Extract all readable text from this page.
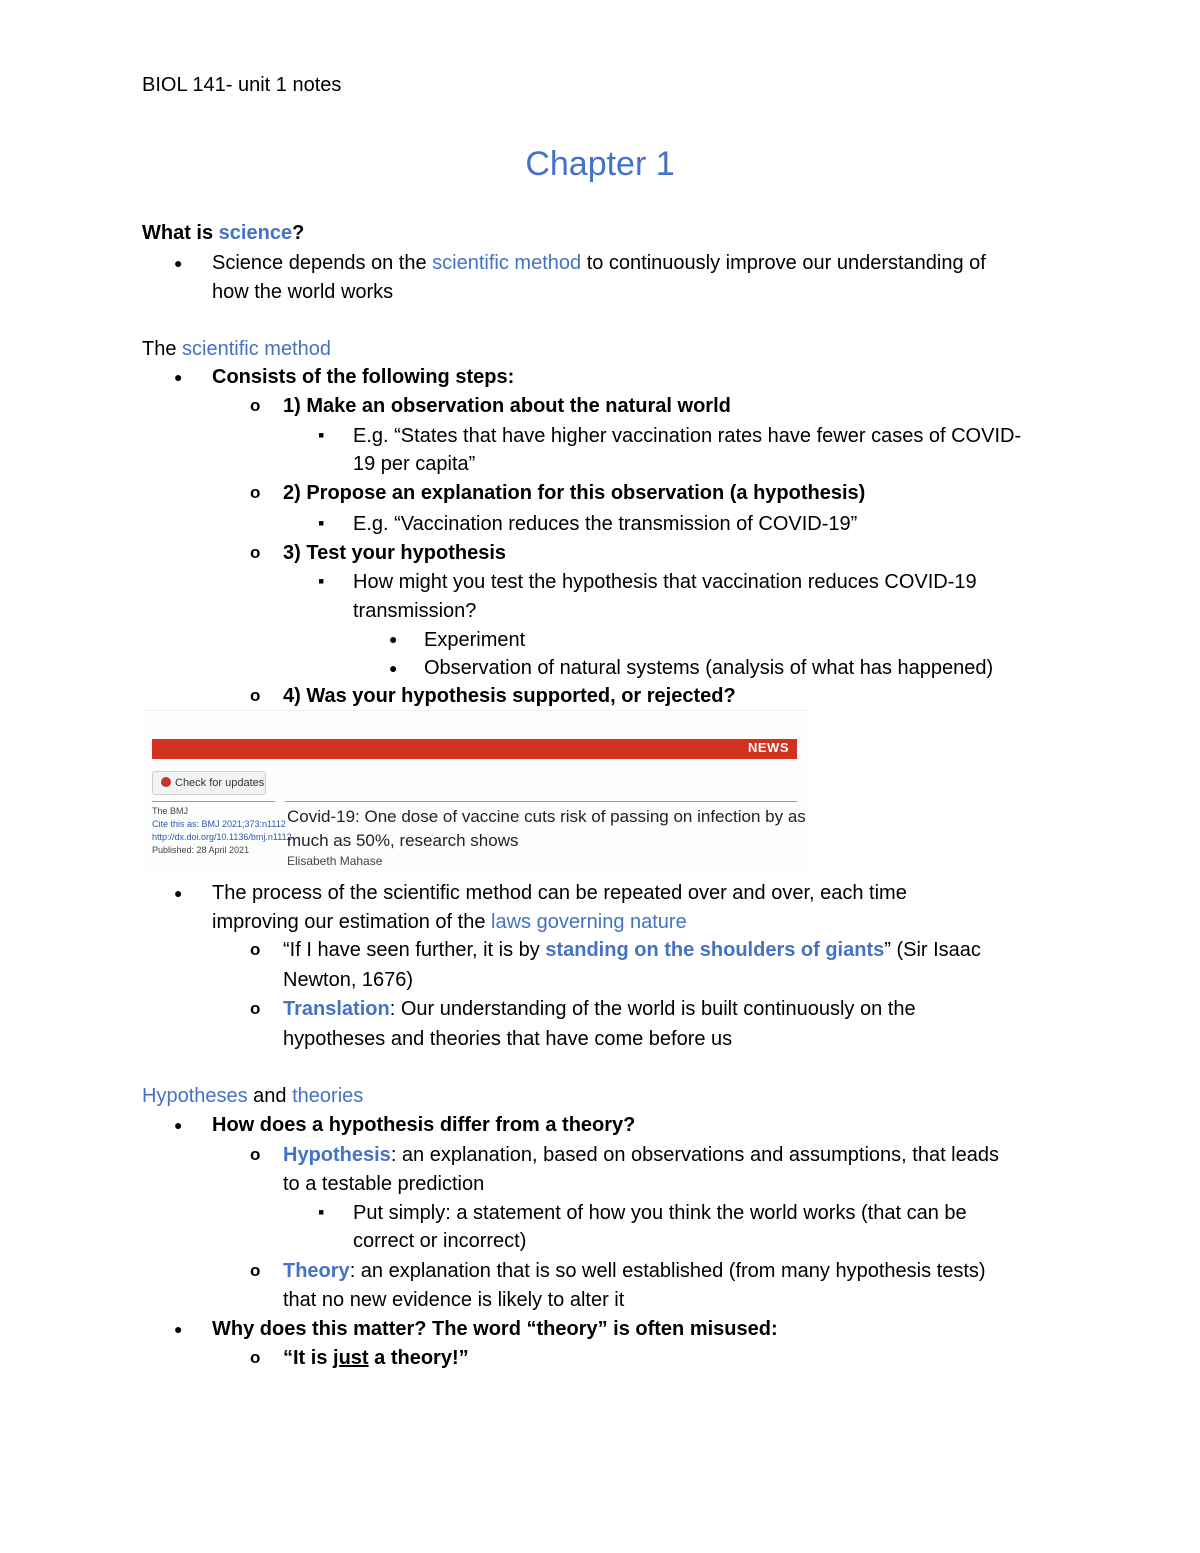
BIOL 141- unit 1 notes
Chapter 1
What is science?
●
Science depends on the scientific method to continuously improve our understanding of
how the world works
The scientific method
●
Consists of the following steps:
o
1) Make an observation about the natural world
▪
E.g. “States that have higher vaccination rates have fewer cases of COVID-
19 per capita”
o
2) Propose an explanation for this observation (a hypothesis)
▪
E.g. “Vaccination reduces the transmission of COVID-19”
o
3) Test your hypothesis
▪
How might you test the hypothesis that vaccination reduces COVID-19
transmission?
●
Experiment
●
Observation of natural systems (analysis of what has happened)
o
4) Was your hypothesis supported, or rejected?
NEWS
Check for updates
The BMJ
Cite this as: BMJ 2021;373:n1112
http://dx.doi.org/10.1136/bmj.n1112
Published: 28 April 2021
Covid-19: One dose of vaccine cuts risk of passing on infection by as
much as 50%, research shows
Elisabeth Mahase
●
The process of the scientific method can be repeated over and over, each time
improving our estimation of the laws governing nature
o
“If I have seen further, it is by standing on the shoulders of giants” (Sir Isaac
Newton, 1676)
o
Translation: Our understanding of the world is built continuously on the
hypotheses and theories that have come before us
Hypotheses and theories
●
How does a hypothesis differ from a theory?
o
Hypothesis: an explanation, based on observations and assumptions, that leads
to a testable prediction
▪
Put simply: a statement of how you think the world works (that can be
correct or incorrect)
o
Theory: an explanation that is so well established (from many hypothesis tests)
that no new evidence is likely to alter it
●
Why does this matter? The word “theory” is often misused:
o
“It is just a theory!”
